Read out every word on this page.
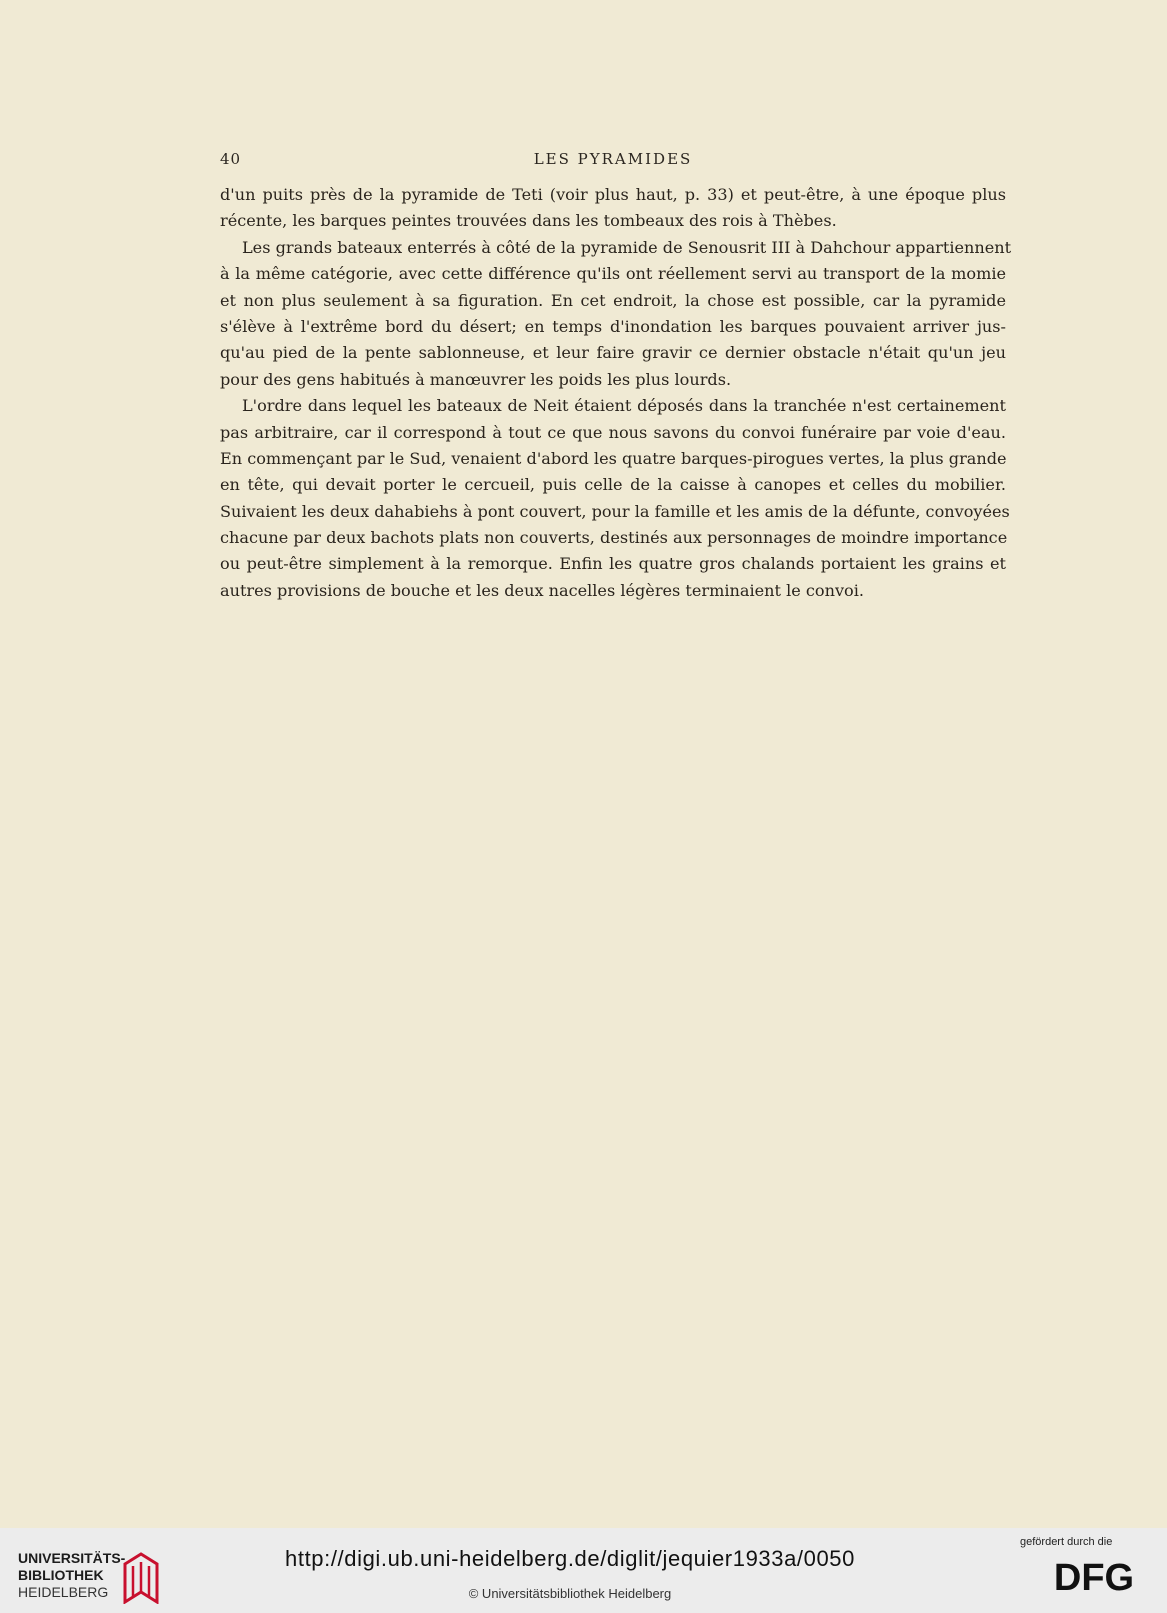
40	LES PYRAMIDES
d'un puits près de la pyramide de Teti (voir plus haut, p. 33) et peut-être, à une époque plus
récente, les barques peintes trouvées dans les tombeaux des rois à Thèbes.
Les grands bateaux enterrés à côté de la pyramide de Senousrit III à Dahchour appartiennent
à la même catégorie, avec cette différence qu'ils ont réellement servi au transport de la momie
et non plus seulement à sa figuration. En cet endroit, la chose est possible, car la pyramide
s'élève à l'extrême bord du désert; en temps d'inondation les barques pouvaient arriver jus-
qu'au pied de la pente sablonneuse, et leur faire gravir ce dernier obstacle n'était qu'un jeu
pour des gens habitués à manœuvrer les poids les plus lourds.
L'ordre dans lequel les bateaux de Neit étaient déposés dans la tranchée n'est certainement
pas arbitraire, car il correspond à tout ce que nous savons du convoi funéraire par voie d'eau.
En commençant par le Sud, venaient d'abord les quatre barques-pirogues vertes, la plus grande
en tête, qui devait porter le cercueil, puis celle de la caisse à canopes et celles du mobilier.
Suivaient les deux dahabiehs à pont couvert, pour la famille et les amis de la défunte, convoyées
chacune par deux bachots plats non couverts, destinés aux personnages de moindre importance
ou peut-être simplement à la remorque. Enfin les quatre gros chalands portaient les grains et
autres provisions de bouche et les deux nacelles légères terminaient le convoi.
UNIVERSITÄTS-
BIBLIOTHEK
HEIDELBERG
http://digi.ub.uni-heidelberg.de/diglit/jequier1933a/0050
© Universitätsbibliothek Heidelberg
gefördert durch die
DFG
